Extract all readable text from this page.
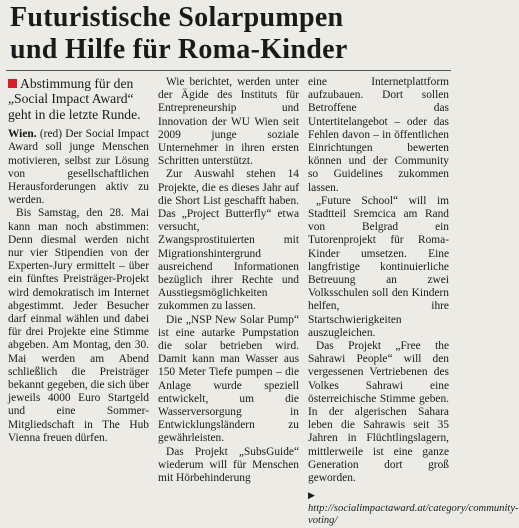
Futuristische Solarpumpen
und Hilfe für Roma-Kinder
Abstimmung für den „Social Impact Award“ geht in die letzte Runde.

Wien. (red) Der Social Impact Award soll junge Menschen motivieren, selbst zur Lösung von gesellschaftlichen Herausforderungen aktiv zu werden.

Bis Samstag, den 28. Mai kann man noch abstimmen: Denn diesmal werden nicht nur vier Stipendien von der Experten-Jury ermittelt – über ein fünftes Preisträger-Projekt wird demokratisch im Internet abgestimmt. Jeder Besucher darf einmal wählen und dabei für drei Projekte eine Stimme abgeben. Am Montag, den 30. Mai werden am Abend schließlich die Preisträger bekannt gegeben, die sich über jeweils 4000 Euro Startgeld und eine Sommer-Mitgliedschaft in The Hub Vienna freuen dürfen.

Wie berichtet, werden unter der Ägide des Instituts für Entrepreneurship und Innovation der WU Wien seit 2009 junge soziale Unternehmer in ihren ersten Schritten unterstützt.

Zur Auswahl stehen 14 Projekte, die es dieses Jahr auf die Short List geschafft haben. Das „Project Butterfly“ etwa versucht, Zwangsprostituierten mit Migrationshintergrund ausreichend Informationen bezüglich ihrer Rechte und Ausstiegsmöglichkeiten zukommen zu lassen.

Die „NSP New Solar Pump“ ist eine autarke Pumpstation die solar betrieben wird. Damit kann man Wasser aus 150 Meter Tiefe pumpen – die Anlage wurde speziell entwickelt, um die Wasserversorgung in Entwicklungsländern zu gewährleisten.

Das Projekt „SubsGuide“ wiederum will für Menschen mit Hörbehinderung

eine Internetplattform aufzubauen. Dort sollen Betroffene das Untertitelangebot – oder das Fehlen davon – in öffentlichen Einrichtungen bewerten können und der Community so Guidelines zukommen lassen.

„Future School“ will im Stadtteil Sremcica am Rand von Belgrad ein Tutorenprojekt für Roma-Kinder umsetzen. Eine langfristige kontinuierliche Betreuung an zwei Volksschulen soll den Kindern helfen, ihre Startschwierigkeiten auszugleichen.

Das Projekt „Free the Sahrawi People“ will den vergessenen Vertriebenen des Volkes Sahrawi eine österreichische Stimme geben. In der algerischen Sahara leben die Sahrawis seit 35 Jahren in Flüchtlingslagern, mittlerweile ist eine ganze Generation dort groß geworden.

▶ http://socialimpactaward.at/category/community-voting/
